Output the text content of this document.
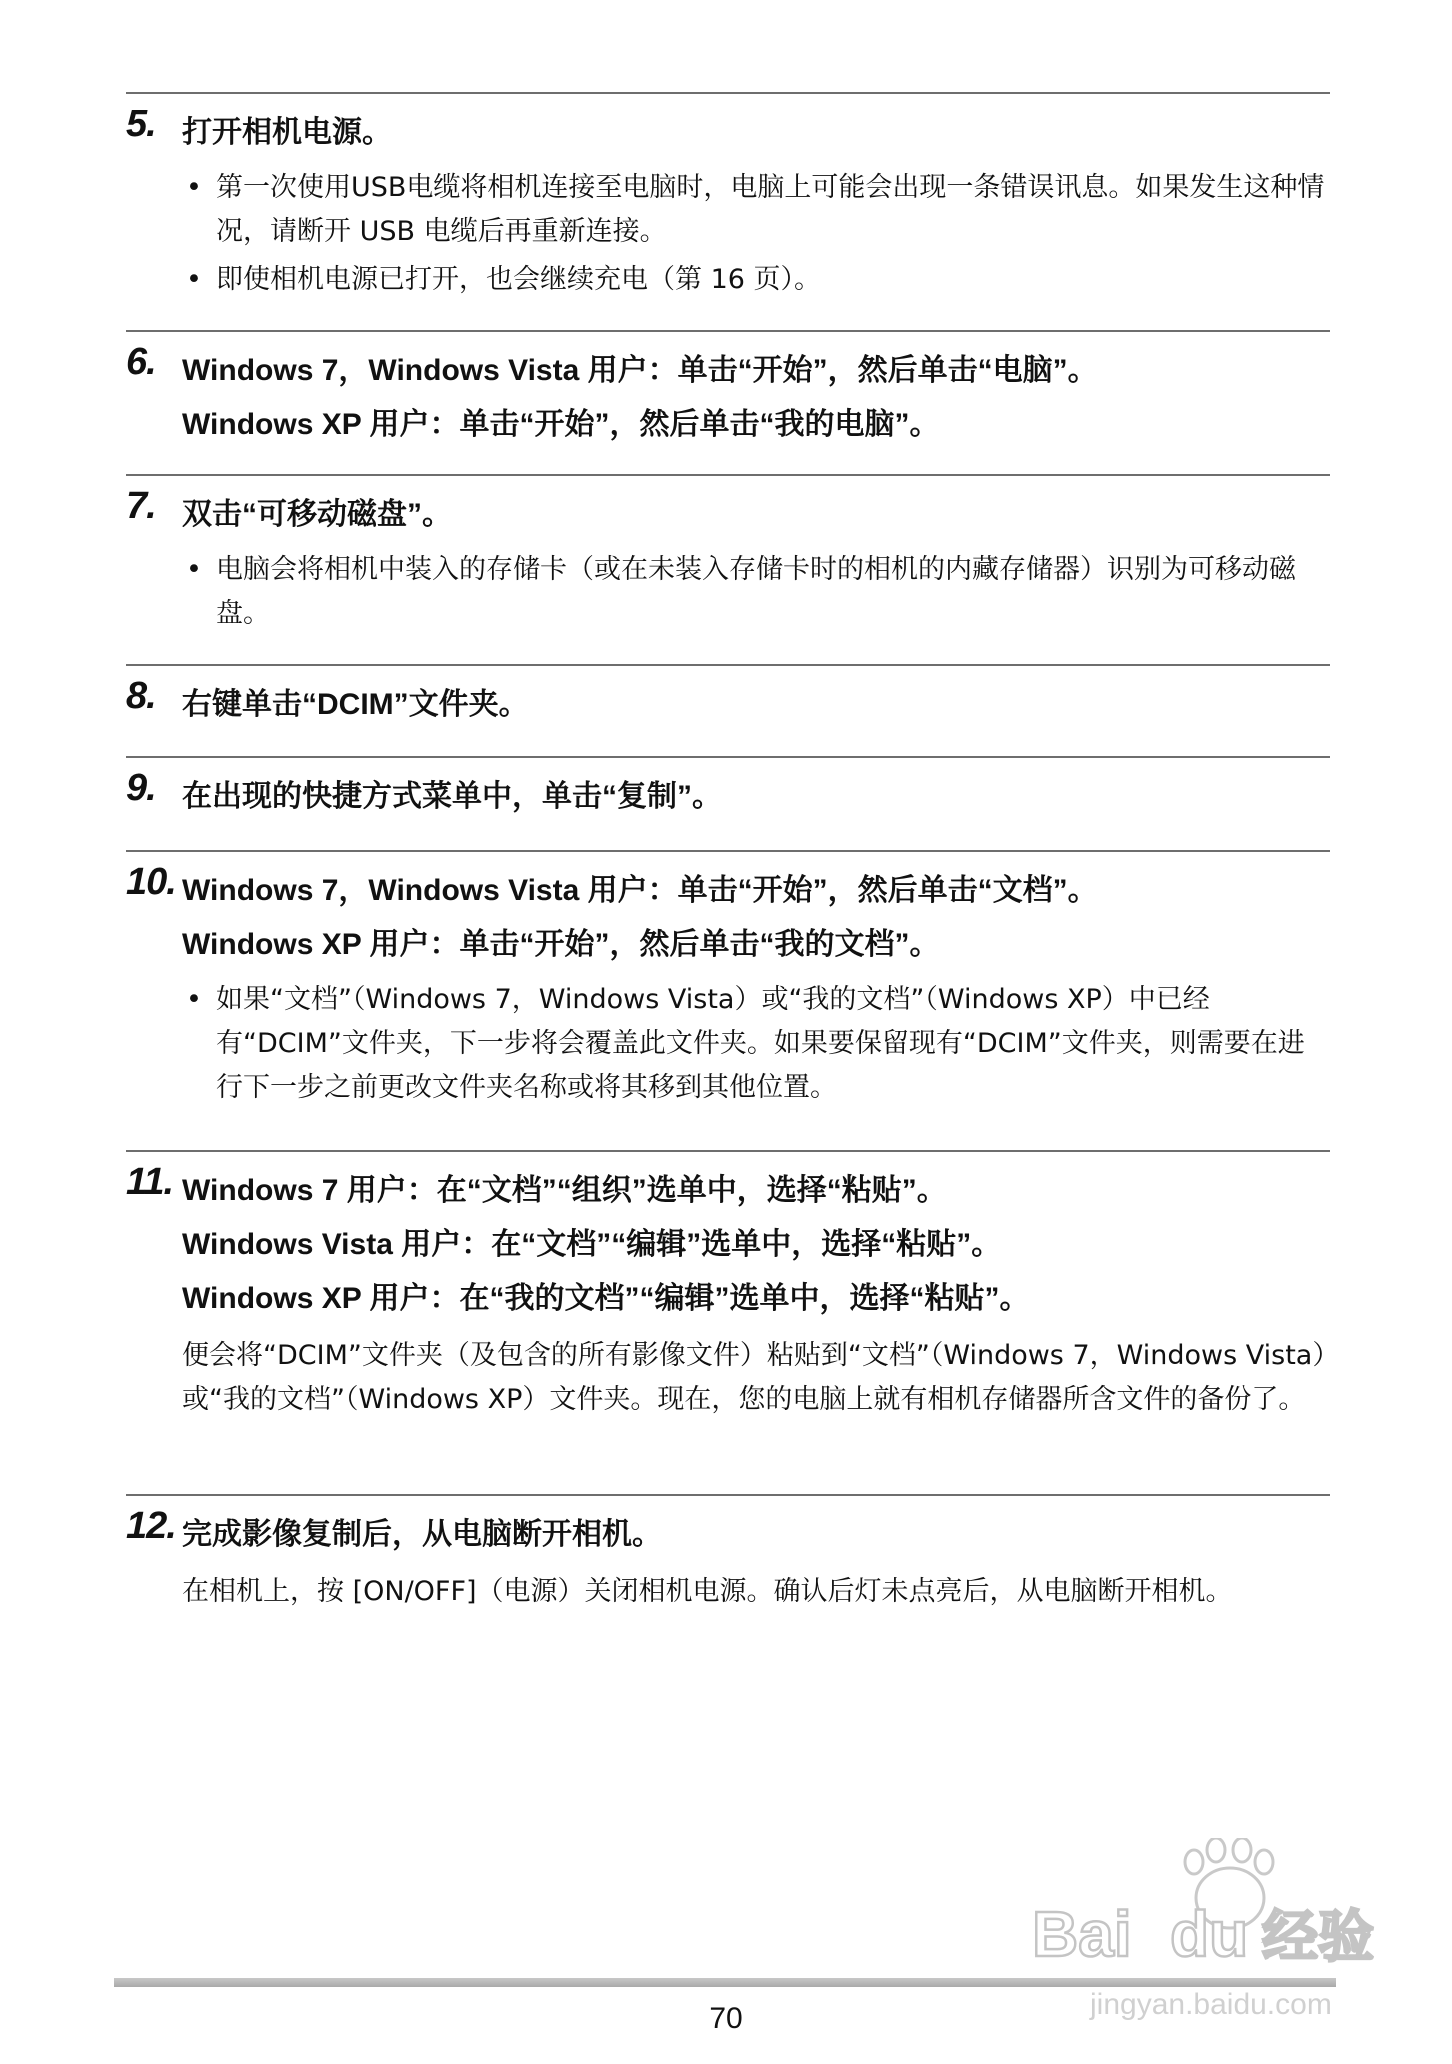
5. 打开相机电源。
• 第一次使用USB电缆将相机连接至电脑时，电脑上可能会出现一条错误讯息。如果发生这种情况，请断开 USB 电缆后再重新连接。
• 即使相机电源已打开，也会继续充电（第 16 页）。
6. Windows 7，Windows Vista 用户：单击“开始”，然后单击“电脑”。
Windows XP 用户：单击“开始”，然后单击“我的电脑”。
7. 双击“可移动磁盘”。
• 电脑会将相机中装入的存储卡（或在未装入存储卡时的相机的内藏存储器）识别为可移动磁盘。
8. 右键单击“DCIM”文件夹。
9. 在出现的快捷方式菜单中，单击“复制”。
10. Windows 7，Windows Vista 用户：单击“开始”，然后单击“文档”。
Windows XP 用户：单击“开始”，然后单击“我的文档”。
• 如果“文档”（Windows 7，Windows Vista）或“我的文档”（Windows XP）中已经有“DCIM”文件夹，下一步将会覆盖此文件夹。如果要保留现有“DCIM”文件夹，则需要在进行下一步之前更改文件夹名称或将其移到其他位置。
11. Windows 7 用户：在“文档”“组织”选单中，选择“粘贴”。
Windows Vista 用户：在“文档”“编辑”选单中，选择“粘贴”。
Windows XP 用户：在“我的文档”“编辑”选单中，选择“粘贴”。

便会将“DCIM”文件夹（及包含的所有影像文件）粘贴到“文档”（Windows 7，Windows Vista）或“我的文档”（Windows XP）文件夹。现在，您的电脑上就有相机存储器所含文件的备份了。

12. 完成影像复制后，从电脑断开相机。

在相机上，按 [ON/OFF]（电源）关闭相机电源。确认后灯未点亮后，从电脑断开相机。

Bai du 经验
jingyan.baidu.com
70
